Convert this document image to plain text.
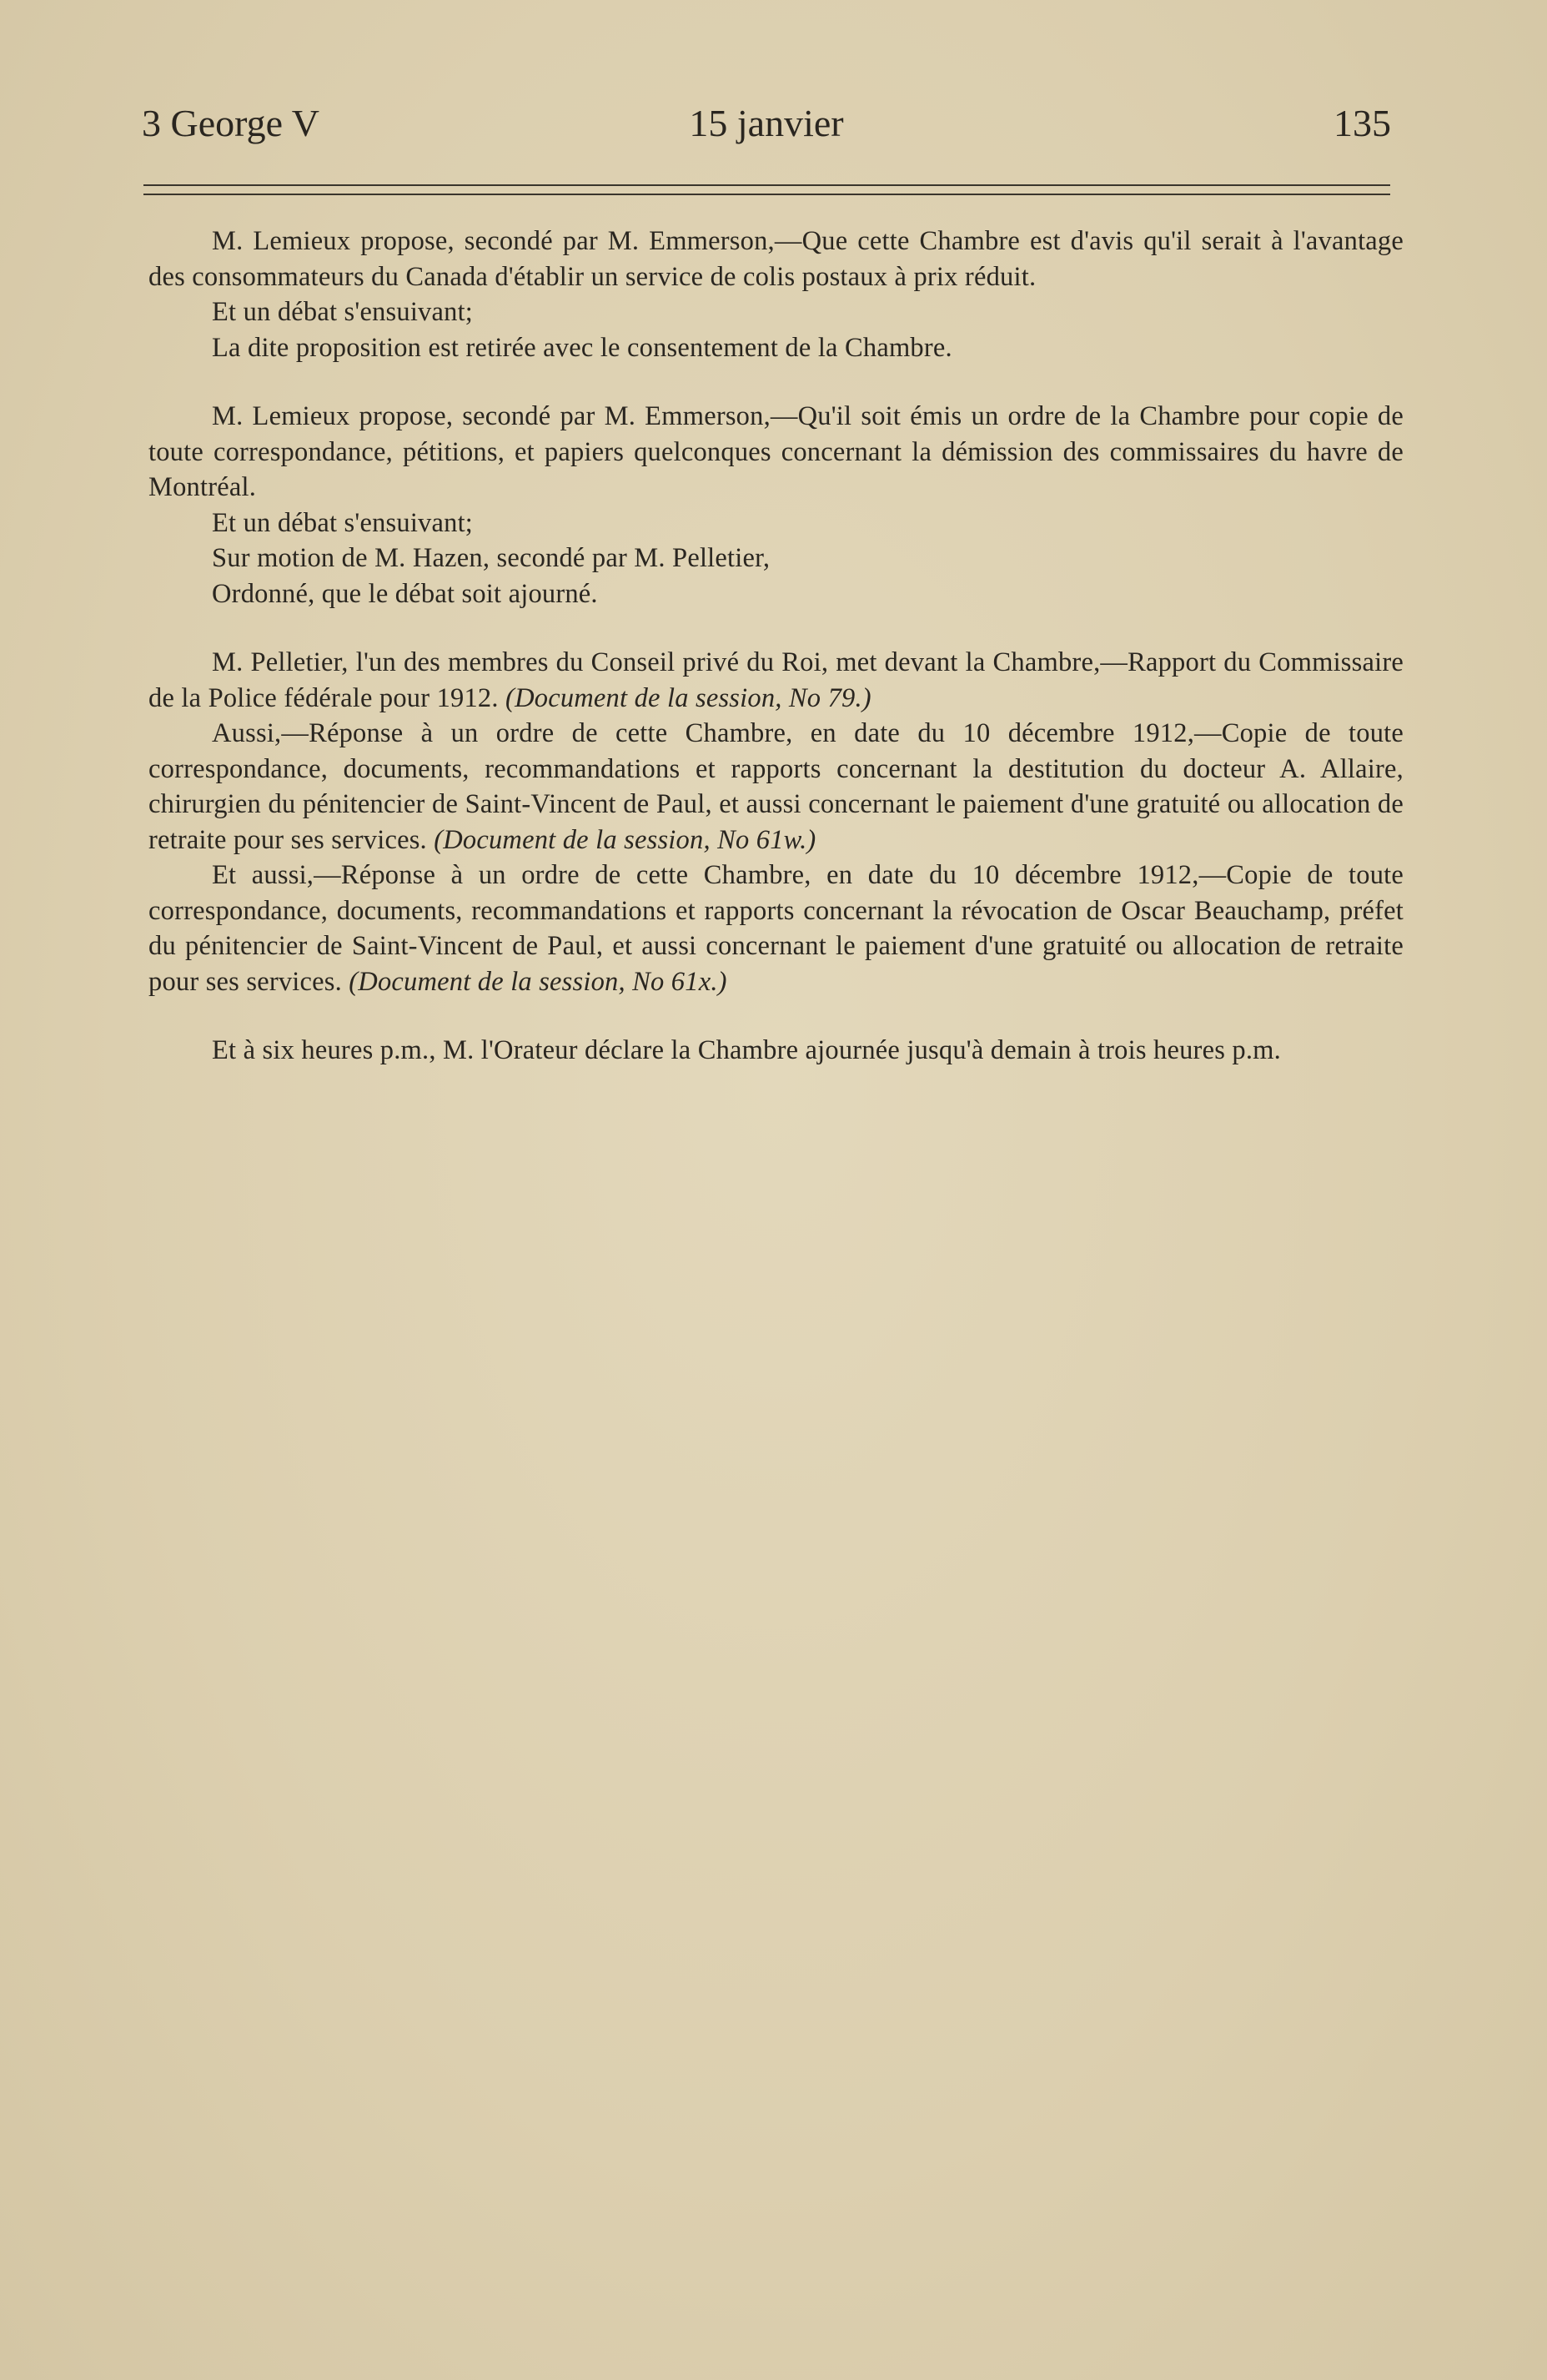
3 George V	15 janvier	135

M. Lemieux propose, secondé par M. Emmerson,—Que cette Chambre est d'avis qu'il serait à l'avantage des consommateurs du Canada d'établir un service de colis postaux à prix réduit.

Et un débat s'ensuivant;

La dite proposition est retirée avec le consentement de la Chambre.

M. Lemieux propose, secondé par M. Emmerson,—Qu'il soit émis un ordre de la Chambre pour copie de toute correspondance, pétitions, et papiers quelconques concernant la démission des commissaires du havre de Montréal.

Et un débat s'ensuivant;

Sur motion de M. Hazen, secondé par M. Pelletier,

Ordonné, que le débat soit ajourné.

M. Pelletier, l'un des membres du Conseil privé du Roi, met devant la Chambre,—Rapport du Commissaire de la Police fédérale pour 1912. (Document de la session, No 79.)

Aussi,—Réponse à un ordre de cette Chambre, en date du 10 décembre 1912,—Copie de toute correspondance, documents, recommandations et rapports concernant la destitution du docteur A. Allaire, chirurgien du pénitencier de Saint-Vincent de Paul, et aussi concernant le paiement d'une gratuité ou allocation de retraite pour ses services. (Document de la session, No 61w.)

Et aussi,—Réponse à un ordre de cette Chambre, en date du 10 décembre 1912,—Copie de toute correspondance, documents, recommandations et rapports concernant la révocation de Oscar Beauchamp, préfet du pénitencier de Saint-Vincent de Paul, et aussi concernant le paiement d'une gratuité ou allocation de retraite pour ses services. (Document de la session, No 61x.)

Et à six heures p.m., M. l'Orateur déclare la Chambre ajournée jusqu'à demain à trois heures p.m.
